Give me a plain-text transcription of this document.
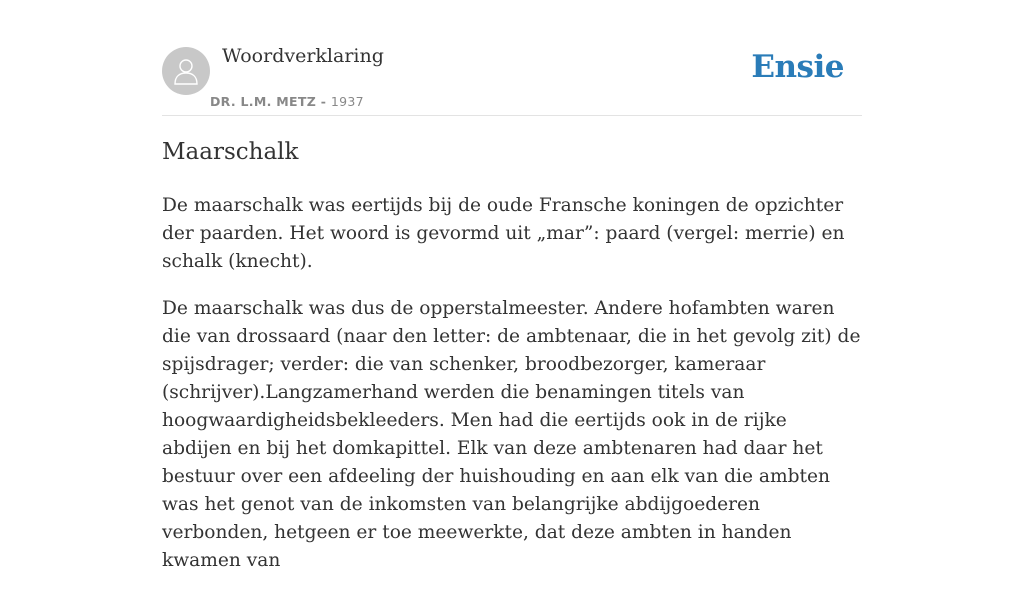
Woordverklaring
DR. L.M. METZ - 1937
Ensie
Maarschalk

De maarschalk was eertijds bij de oude Fransche koningen de opzichter der paarden. Het woord is gevormd uit „mar”: paard (vergel: merrie) en schalk (knecht).

De maarschalk was dus de opperstalmeester. Andere hofambten waren die van drossaard (naar den letter: de ambtenaar, die in het gevolg zit) de spijsdrager; verder: die van schenker, broodbezorger, kameraar (schrijver).Langzamerhand werden die benamingen titels van hoogwaardigheidsbekleeders. Men had die eertijds ook in de rijke abdijen en bij het domkapittel. Elk van deze ambtenaren had daar het bestuur over een afdeeling der huishouding en aan elk van die ambten was het genot van de inkomsten van belangrijke abdijgoederen verbonden, hetgeen er toe meewerkte, dat deze ambten in handen kwamen van
